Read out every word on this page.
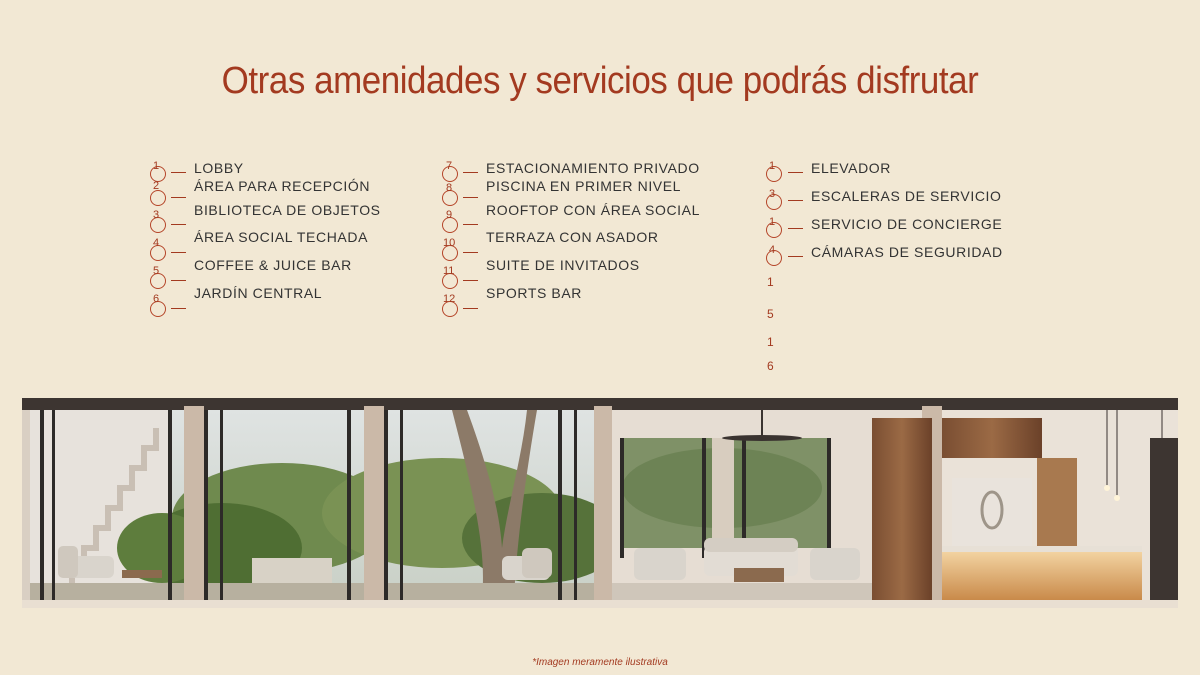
Otras amenidades y servicios que podrás disfrutar
1 LOBBY
2 ÁREA PARA RECEPCIÓN
3 BIBLIOTECA DE OBJETOS
4 ÁREA SOCIAL TECHADA
5 COFFEE & JUICE BAR
6 JARDÍN CENTRAL
7 ESTACIONAMIENTO PRIVADO
8 PISCINA EN PRIMER NIVEL
9 ROOFTOP CON ÁREA SOCIAL
10 TERRAZA CON ASADOR
11 SUITE DE INVITADOS
12 SPORTS BAR
1	ELEVADOR
3	ESCALERAS DE SERVICIO
1	SERVICIO DE CONCIERGE
4	CÁMARAS DE SEGURIDAD
1
5
1
6
*Imagen meramente ilustrativa
